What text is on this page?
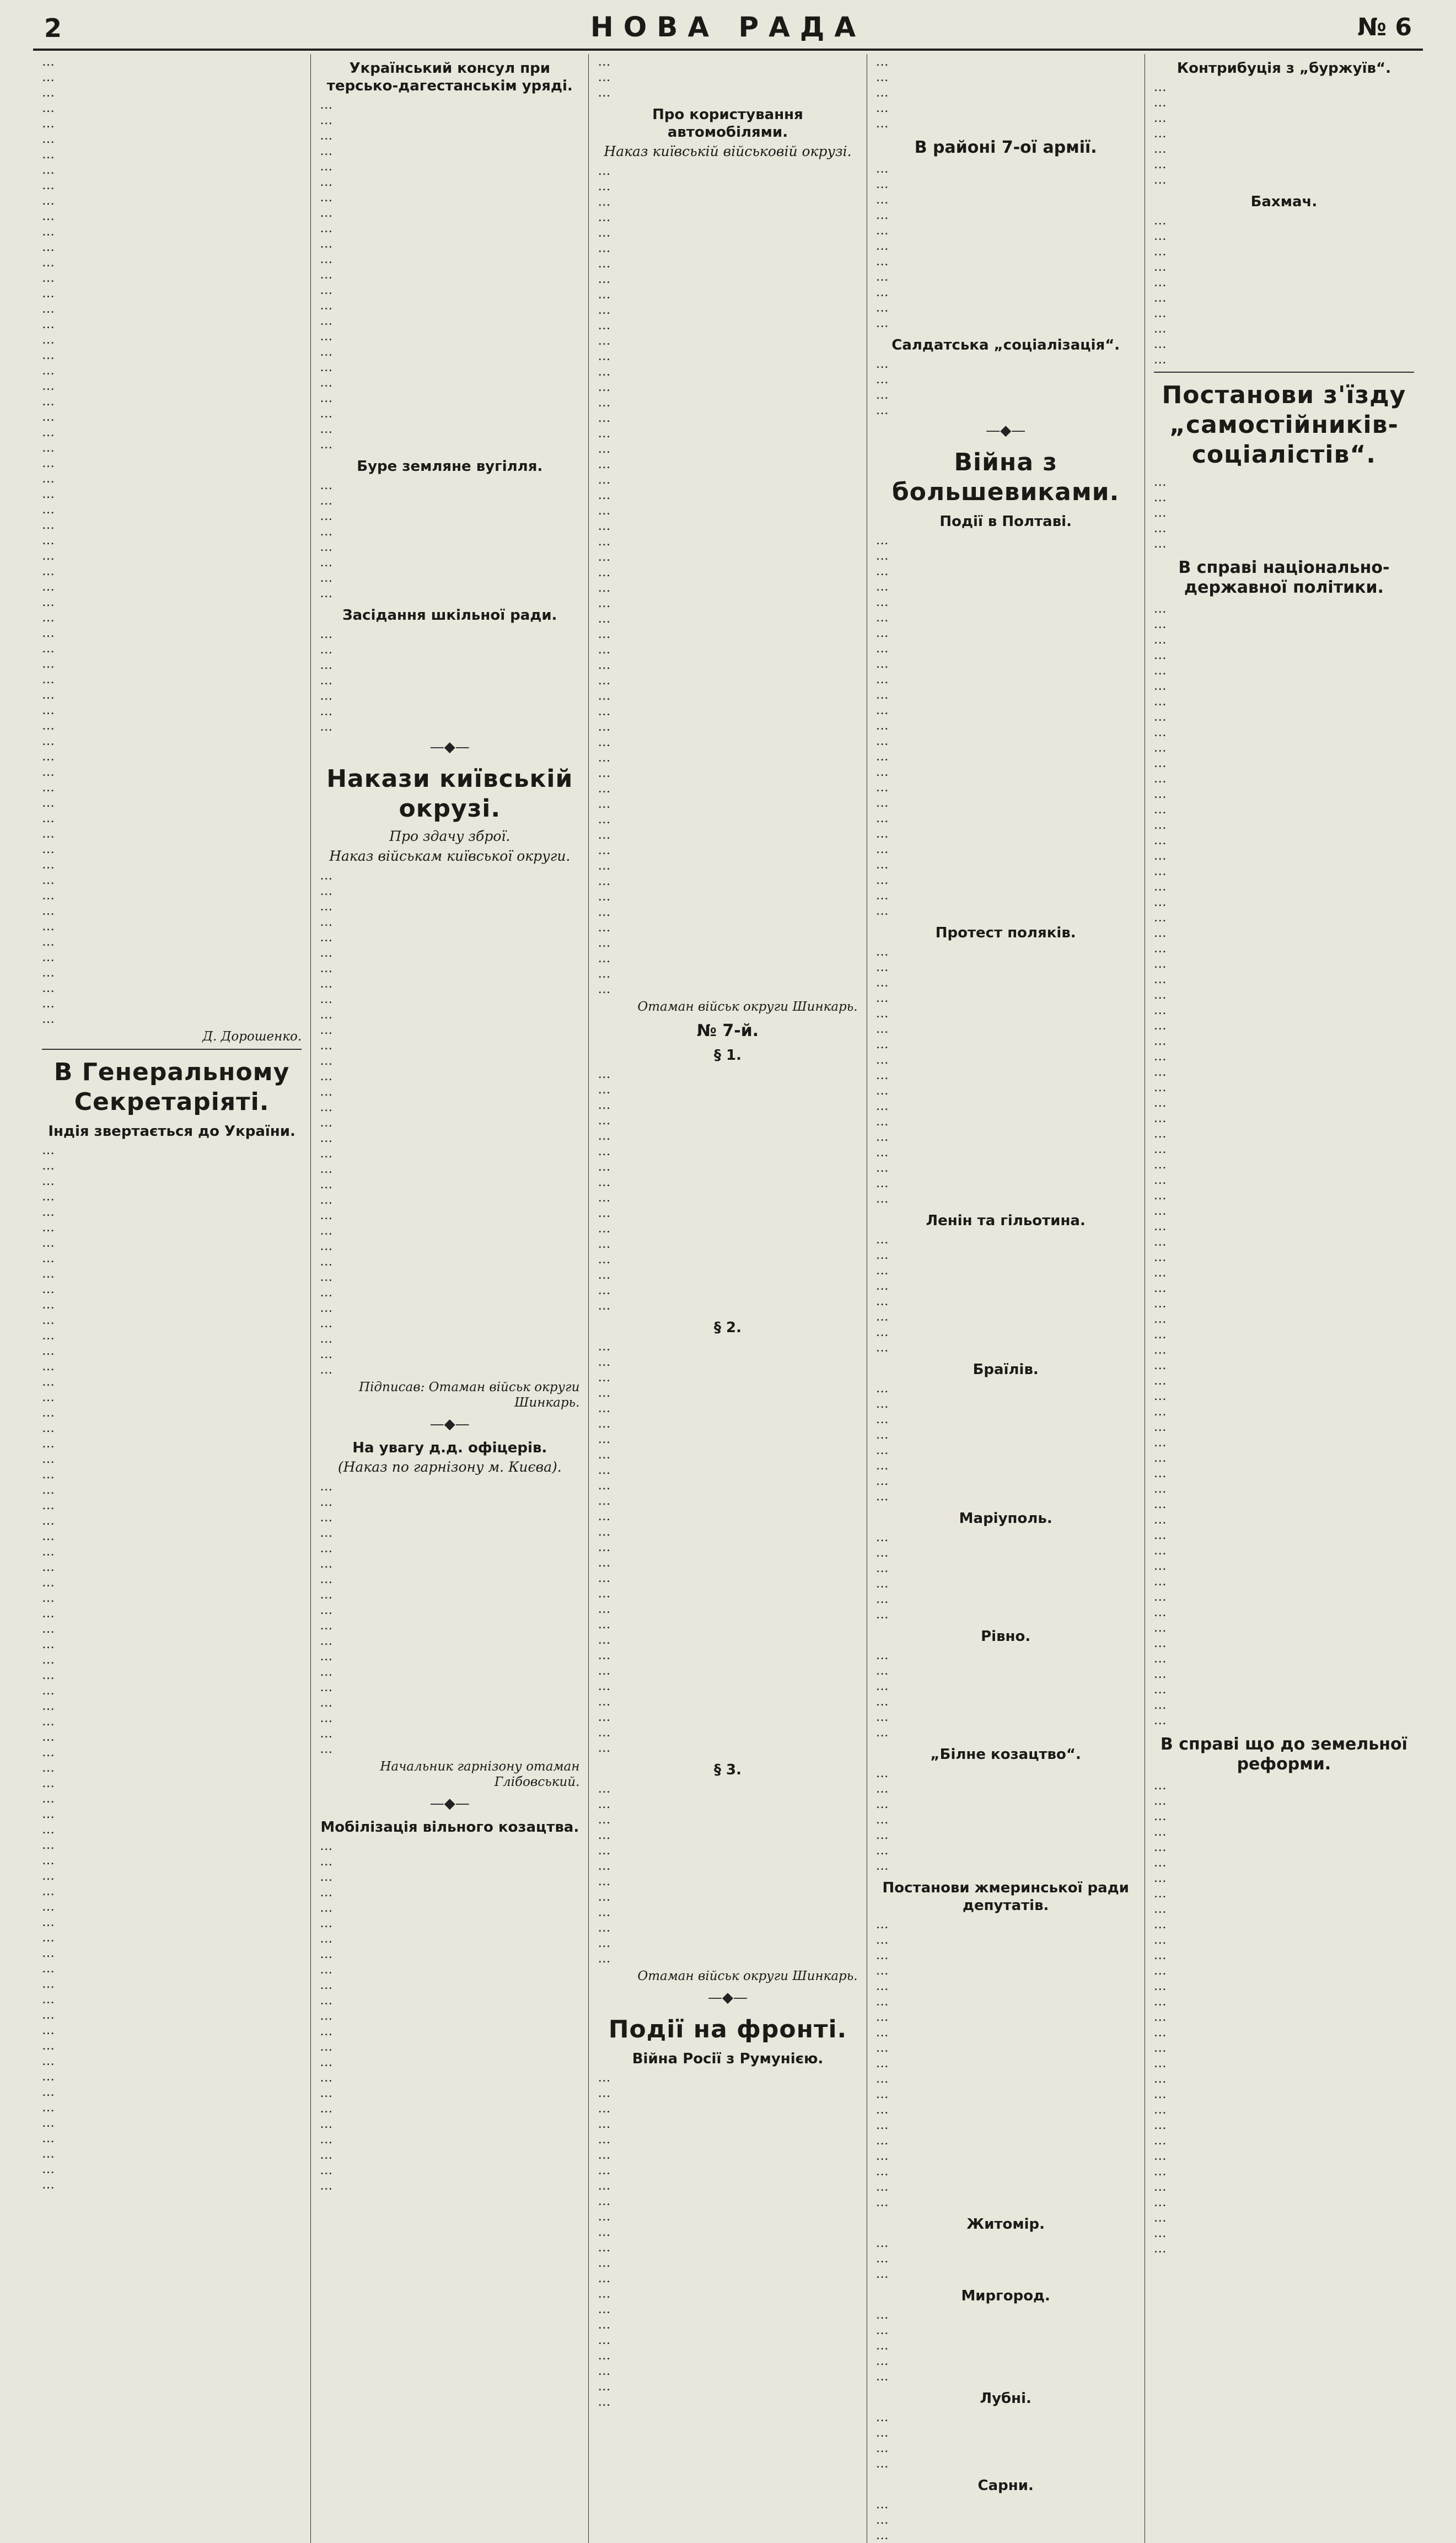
2	НОВА РАДА	№ 6
…
…
…
…
…
…
…
…
…
…
…
…
…
…
…
…
…
…
…
…
…
…
…
…
…
…
…
…
…
…
…
…
…
…
…
…
…
…
…
…
…
…
…
…
…
…
…
…
…
…
…
…
…
…
…
…
…
…
…
…
…
…
…
Д. Дорошенко.
В Генеральному Секретаріяті.
Індія звертається до України.
…
…
…
…
…
…
…
…
…
…
…
…
…
…
…
…
…
…
…
…
…
…
…
…
…
…
…
…
…
…
…
…
…
…
…
…
…
…
…
…
…
…
…
…
…
…
…
…
…
…
…
…
…
…
…
…
…
…
…
…
…
…
…
…
…
…
…
…
Український консул при терсько-дагестанськім уряді.
…
…
…
…
…
…
…
…
…
…
…
…
…
…
…
…
…
…
…
…
…
…
…
Буре земляне вугілля.
…
…
…
…
…
…
…
…
Засідання шкільної ради.
…
…
…
…
…
…
…
—◆—
Накази київській окрузі.
Про здачу зброї.
Наказ військам київської округи.
…
…
…
…
…
…
…
…
…
…
…
…
…
…
…
…
…
…
…
…
…
…
…
…
…
…
…
…
…
…
…
…
…
Підписав: Отаман військ округи Шинкарь.
—◆—
На увагу д.д. офіцерів.
(Наказ по гарнізону м. Києва).
…
…
…
…
…
…
…
…
…
…
…
…
…
…
…
…
…
…
Начальник гарнізону отаман Глібовський.
—◆—
Мобілізація вільного козацтва.
…
…
…
…
…
…
…
…
…
…
…
…
…
…
…
…
…
…
…
…
…
…
…
…
…
…
Про користування автомобілями.
Наказ київській військовій окрузі.
…
…
…
…
…
…
…
…
…
…
…
…
…
…
…
…
…
…
…
…
…
…
…
…
…
…
…
…
…
…
…
…
…
…
…
…
…
…
…
…
…
…
…
…
…
…
…
…
…
…
…
…
…
…
Отаман військ округи Шинкарь.
№ 7-й.
§ 1.
…
…
…
…
…
…
…
…
…
…
…
…
…
…
…
…
§ 2.
…
…
…
…
…
…
…
…
…
…
…
…
…
…
…
…
…
…
…
…
…
…
…
…
…
…
…
§ 3.
…
…
…
…
…
…
…
…
…
…
…
…
Отаман військ округи Шинкарь.
—◆—
Події на фронті.
Війна Росії з Румунією.
…
…
…
…
…
…
…
…
…
…
…
…
…
…
…
…
…
…
…
…
…
…
…
…
…
…
…
В районі 7-ої армії.
…
…
…
…
…
…
…
…
…
…
…
Салдатська „соціалізація“.
…
…
…
…
—◆—
Війна з большевиками.
Події в Полтаві.
…
…
…
…
…
…
…
…
…
…
…
…
…
…
…
…
…
…
…
…
…
…
…
…
…
Протест поляків.
…
…
…
…
…
…
…
…
…
…
…
…
…
…
…
…
…
Ленін та гільотина.
…
…
…
…
…
…
…
…
Браїлів.
…
…
…
…
…
…
…
…
Маріуполь.
…
…
…
…
…
…
Рівно.
…
…
…
…
…
…
„Білне козацтво“.
…
…
…
…
…
…
…
Постанови жмеринської ради депутатів.
…
…
…
…
…
…
…
…
…
…
…
…
…
…
…
…
…
…
…
Житомір.
…
…
…
Миргород.
…
…
…
…
…
Лубні.
…
…
…
…
Сарни.
…
…
…
Контрибуція з „буржуїв“.
…
…
…
…
…
…
…
Бахмач.
…
…
…
…
…
…
…
…
…
…
Постанови з'їзду „самостійників-соціалістів“.
…
…
…
…
…
В справі національно-державної політики.
…
…
…
…
…
…
…
…
…
…
…
…
…
…
…
…
…
…
…
…
…
…
…
…
…
…
…
…
…
…
…
…
…
…
…
…
…
…
…
…
…
…
…
…
…
…
…
…
…
…
…
…
…
…
…
…
…
…
…
…
…
…
…
…
…
…
…
…
…
…
…
…
…
В справі що до земельної реформи.
…
…
…
…
…
…
…
…
…
…
…
…
…
…
…
…
…
…
…
…
…
…
…
…
…
…
…
…
…
…
…
